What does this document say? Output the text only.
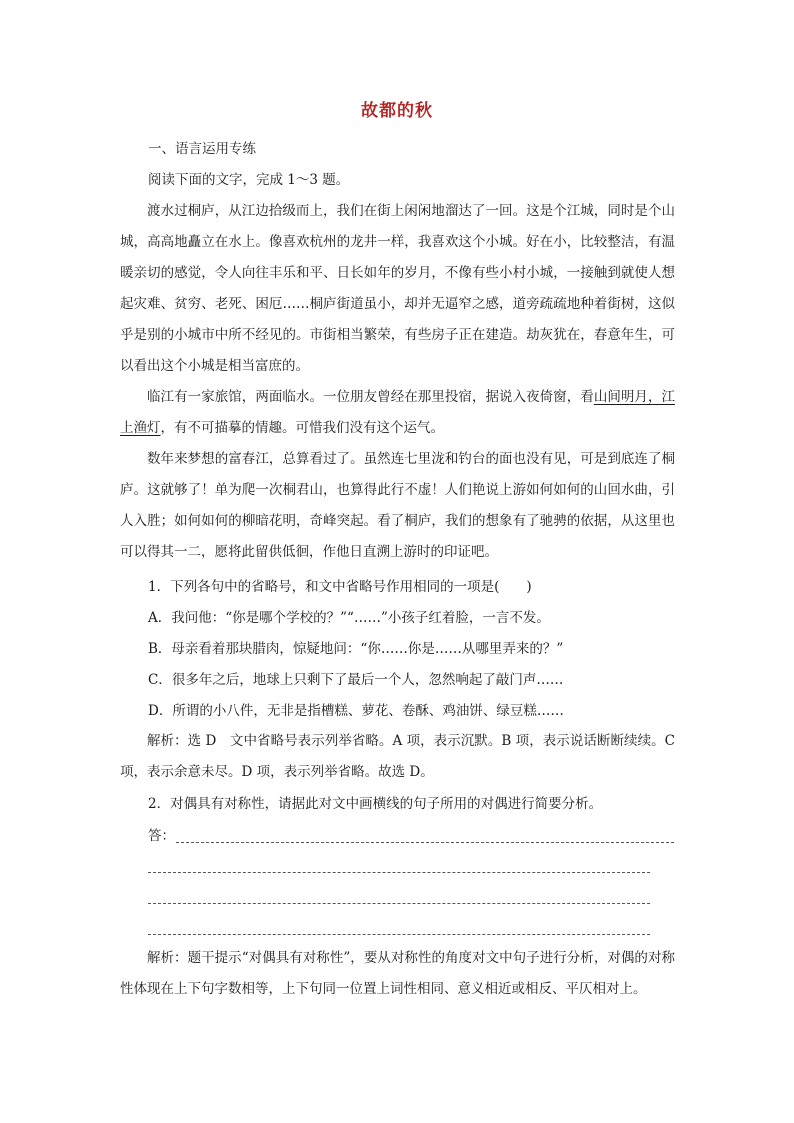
故都的秋
一、语言运用专练
阅读下面的文字，完成 1～3 题。
渡水过桐庐，从江边拾级而上，我们在街上闲闲地溜达了一回。这是个江城，同时是个山城，高高地矗立在水上。像喜欢杭州的龙井一样，我喜欢这个小城。好在小，比较整洁，有温暖亲切的感觉，令人向往丰乐和平、日长如年的岁月，不像有些小村小城，一接触到就使人想起灾难、贫穷、老死、困厄……桐庐街道虽小，却并无逼窄之感，道旁疏疏地种着街树，这似乎是别的小城市中所不经见的。市街相当繁荣，有些房子正在建造。劫灰犹在，春意年生，可以看出这个小城是相当富庶的。
临江有一家旅馆，两面临水。一位朋友曾经在那里投宿，据说入夜倚窗，看山间明月，江上渔灯，有不可描摹的情趣。可惜我们没有这个运气。
数年来梦想的富春江，总算看过了。虽然连七里泷和钓台的面也没有见，可是到底连了桐庐。这就够了！单为爬一次桐君山，也算得此行不虚！人们艳说上游如何如何的山回水曲，引人入胜；如何如何的柳暗花明，奇峰突起。看了桐庐，我们的想象有了驰骋的依据，从这里也可以得其一二，愿将此留供低徊，作他日直溯上游时的印证吧。
1．下列各句中的省略号，和文中省略号作用相同的一项是(　　)
A．我问他：“你是哪个学校的？”“……”小孩子红着脸，一言不发。
B．母亲看着那块腊肉，惊疑地问：“你……你是……从哪里弄来的？”
C．很多年之后，地球上只剩下了最后一个人，忽然响起了敲门声……
D．所谓的小八件，无非是指槽糕、萝花、卷酥、鸡油饼、绿豆糕……
解析：选 D　文中省略号表示列举省略。A 项，表示沉默。B 项，表示说话断断续续。C 项，表示余意未尽。D 项，表示列举省略。故选 D。
2．对偶具有对称性，请据此对文中画横线的句子所用的对偶进行简要分析。
答：
解析：题干提示“对偶具有对称性”，要从对称性的角度对文中句子进行分析，对偶的对称性体现在上下句字数相等，上下句同一位置上词性相同、意义相近或相反、平仄相对上。
